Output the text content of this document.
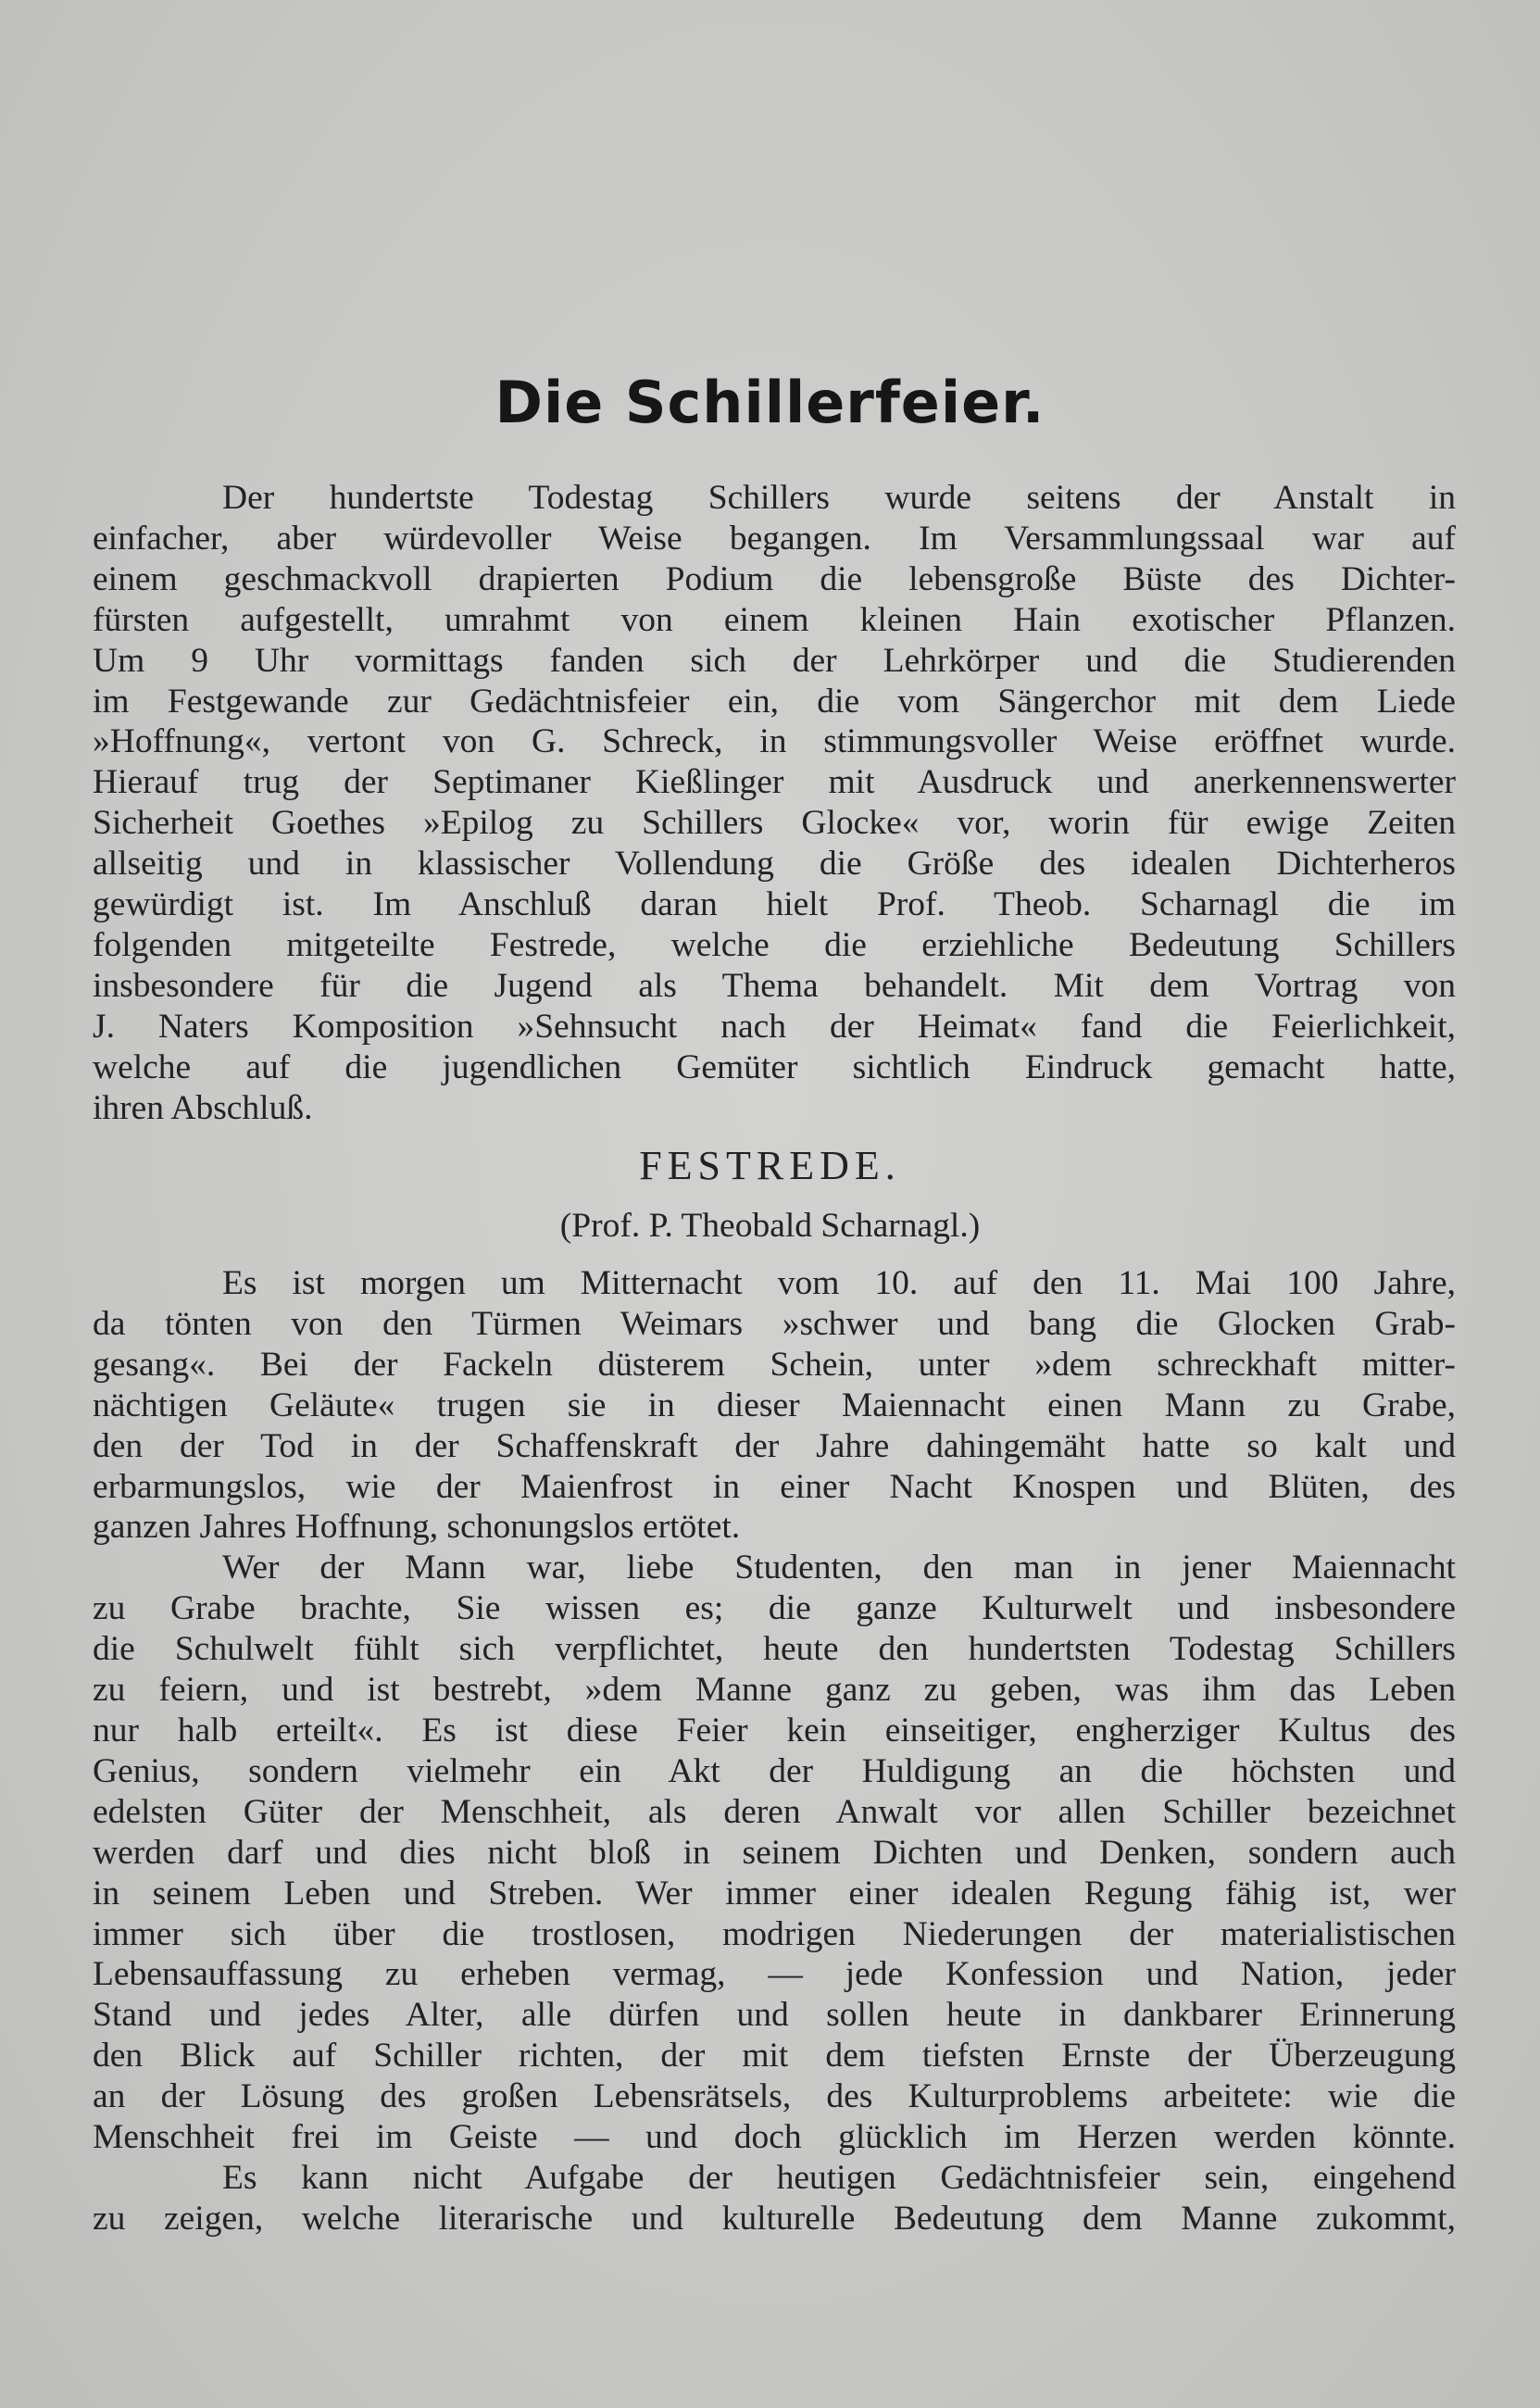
Die Schillerfeier.

Der hundertste Todestag Schillers wurde seitens der Anstalt in
einfacher, aber würdevoller Weise begangen. Im Versammlungssaal war auf
einem geschmackvoll drapierten Podium die lebensgroße Büste des Dichter-
fürsten aufgestellt, umrahmt von einem kleinen Hain exotischer Pflanzen.
Um 9 Uhr vormittags fanden sich der Lehrkörper und die Studierenden
im Festgewande zur Gedächtnisfeier ein, die vom Sängerchor mit dem Liede
»Hoffnung«, vertont von G. Schreck, in stimmungsvoller Weise eröffnet wurde.
Hierauf trug der Septimaner Kießlinger mit Ausdruck und anerkennenswerter
Sicherheit Goethes »Epilog zu Schillers Glocke« vor, worin für ewige Zeiten
allseitig und in klassischer Vollendung die Größe des idealen Dichterheros
gewürdigt ist. Im Anschluß daran hielt Prof. Theob. Scharnagl die im
folgenden mitgeteilte Festrede, welche die erziehliche Bedeutung Schillers
insbesondere für die Jugend als Thema behandelt. Mit dem Vortrag von
J. Naters Komposition »Sehnsucht nach der Heimat« fand die Feierlichkeit,
welche auf die jugendlichen Gemüter sichtlich Eindruck gemacht hatte,
ihren Abschluß.

FESTREDE.
(Prof. P. Theobald Scharnagl.)

Es ist morgen um Mitternacht vom 10. auf den 11. Mai 100 Jahre,
da tönten von den Türmen Weimars »schwer und bang die Glocken Grab-
gesang«. Bei der Fackeln düsterem Schein, unter »dem schreckhaft mitter-
nächtigen Geläute« trugen sie in dieser Maiennacht einen Mann zu Grabe,
den der Tod in der Schaffenskraft der Jahre dahingemäht hatte so kalt und
erbarmungslos, wie der Maienfrost in einer Nacht Knospen und Blüten, des
ganzen Jahres Hoffnung, schonungslos ertötet.

Wer der Mann war, liebe Studenten, den man in jener Maiennacht
zu Grabe brachte, Sie wissen es; die ganze Kulturwelt und insbesondere
die Schulwelt fühlt sich verpflichtet, heute den hundertsten Todestag Schillers
zu feiern, und ist bestrebt, »dem Manne ganz zu geben, was ihm das Leben
nur halb erteilt«. Es ist diese Feier kein einseitiger, engherziger Kultus des
Genius, sondern vielmehr ein Akt der Huldigung an die höchsten und
edelsten Güter der Menschheit, als deren Anwalt vor allen Schiller bezeichnet
werden darf und dies nicht bloß in seinem Dichten und Denken, sondern auch
in seinem Leben und Streben. Wer immer einer idealen Regung fähig ist, wer
immer sich über die trostlosen, modrigen Niederungen der materialistischen
Lebensauffassung zu erheben vermag, — jede Konfession und Nation, jeder
Stand und jedes Alter, alle dürfen und sollen heute in dankbarer Erinnerung
den Blick auf Schiller richten, der mit dem tiefsten Ernste der Überzeugung
an der Lösung des großen Lebensrätsels, des Kulturproblems arbeitete: wie die
Menschheit frei im Geiste — und doch glücklich im Herzen werden könnte.

Es kann nicht Aufgabe der heutigen Gedächtnisfeier sein, eingehend
zu zeigen, welche literarische und kulturelle Bedeutung dem Manne zukommt,
